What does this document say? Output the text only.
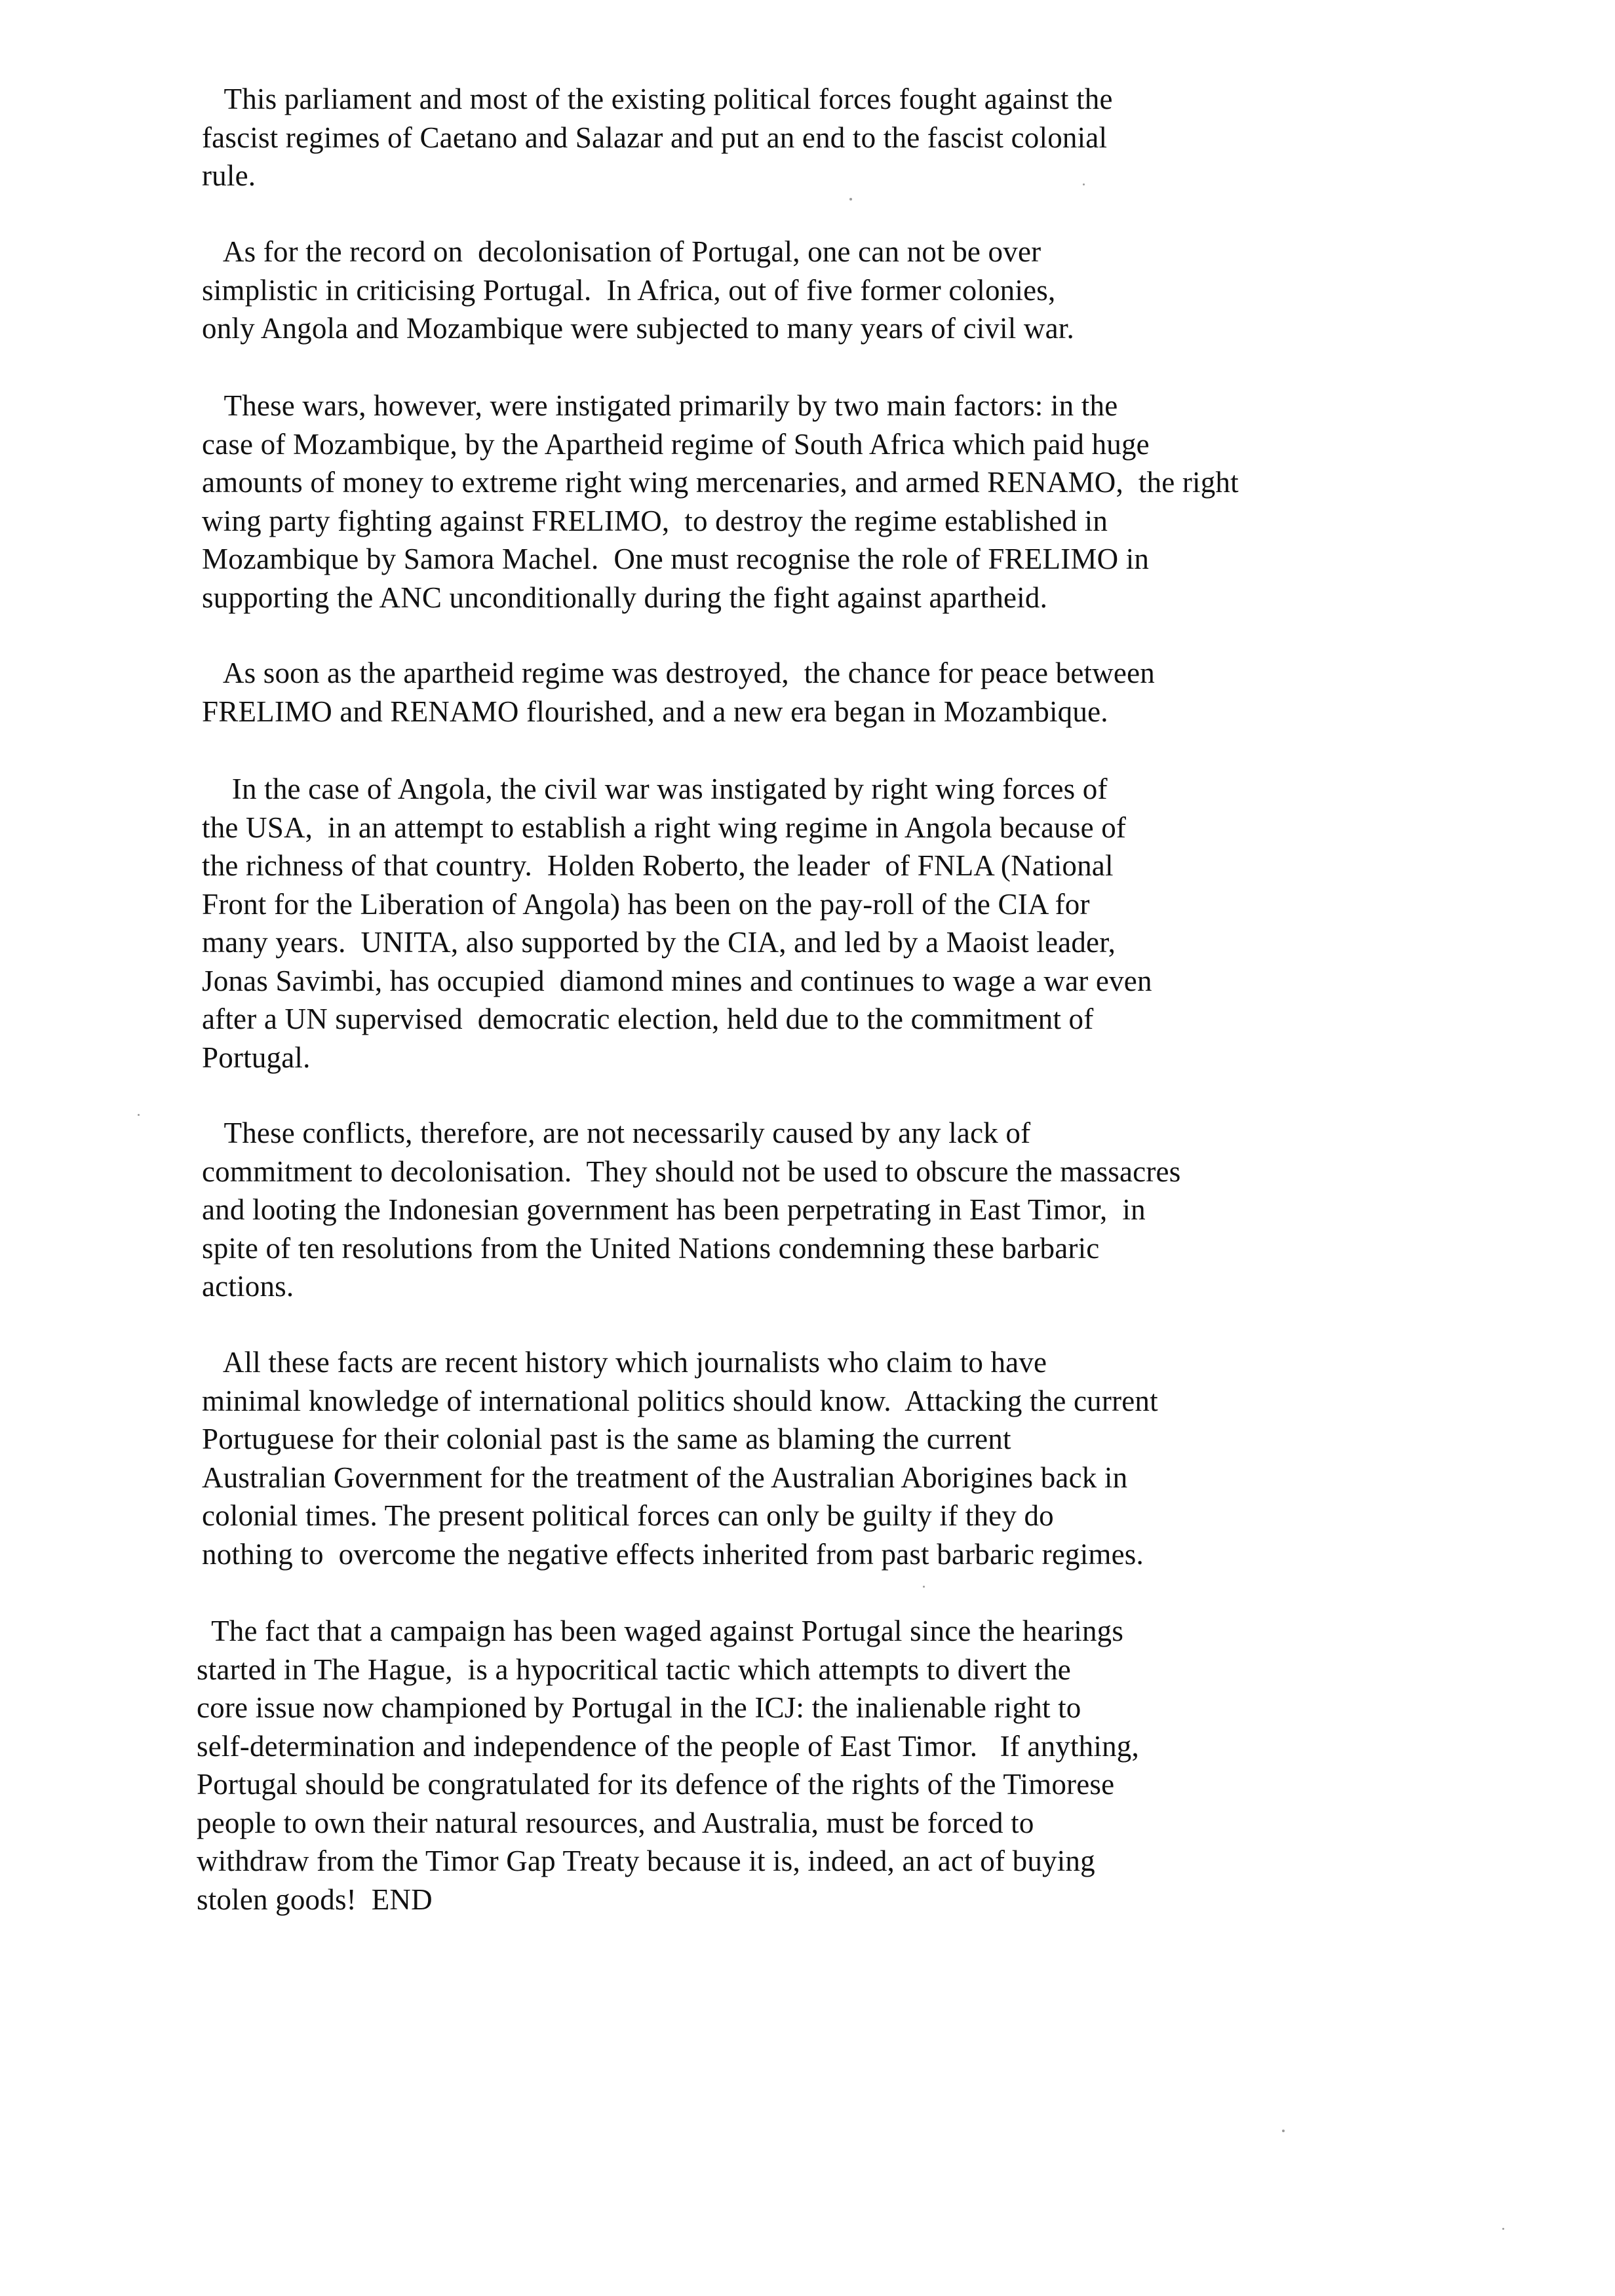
This parliament and most of the existing political forces fought against the
fascist regimes of Caetano and Salazar and put an end to the fascist colonial
rule.
As for the record on  decolonisation of Portugal, one can not be over
simplistic in criticising Portugal.  In Africa, out of five former colonies,
only Angola and Mozambique were subjected to many years of civil war.
These wars, however, were instigated primarily by two main factors: in the
case of Mozambique, by the Apartheid regime of South Africa which paid huge
amounts of money to extreme right wing mercenaries, and armed RENAMO,  the right
wing party fighting against FRELIMO,  to destroy the regime established in
Mozambique by Samora Machel.  One must recognise the role of FRELIMO in
supporting the ANC unconditionally during the fight against apartheid.
As soon as the apartheid regime was destroyed,  the chance for peace between
FRELIMO and RENAMO flourished, and a new era began in Mozambique.
In the case of Angola, the civil war was instigated by right wing forces of
the USA,  in an attempt to establish a right wing regime in Angola because of
the richness of that country.  Holden Roberto, the leader  of FNLA (National
Front for the Liberation of Angola) has been on the pay-roll of the CIA for
many years.  UNITA, also supported by the CIA, and led by a Maoist leader,
Jonas Savimbi, has occupied  diamond mines and continues to wage a war even
after a UN supervised  democratic election, held due to the commitment of
Portugal.
These conflicts, therefore, are not necessarily caused by any lack of
commitment to decolonisation.  They should not be used to obscure the massacres
and looting the Indonesian government has been perpetrating in East Timor,  in
spite of ten resolutions from the United Nations condemning these barbaric
actions.
All these facts are recent history which journalists who claim to have
minimal knowledge of international politics should know.  Attacking the current
Portuguese for their colonial past is the same as blaming the current
Australian Government for the treatment of the Australian Aborigines back in
colonial times. The present political forces can only be guilty if they do
nothing to  overcome the negative effects inherited from past barbaric regimes.
The fact that a campaign has been waged against Portugal since the hearings
started in The Hague,  is a hypocritical tactic which attempts to divert the
core issue now championed by Portugal in the ICJ: the inalienable right to
self-determination and independence of the people of East Timor.   If anything,
Portugal should be congratulated for its defence of the rights of the Timorese
people to own their natural resources, and Australia, must be forced to
withdraw from the Timor Gap Treaty because it is, indeed, an act of buying
stolen goods!  END
